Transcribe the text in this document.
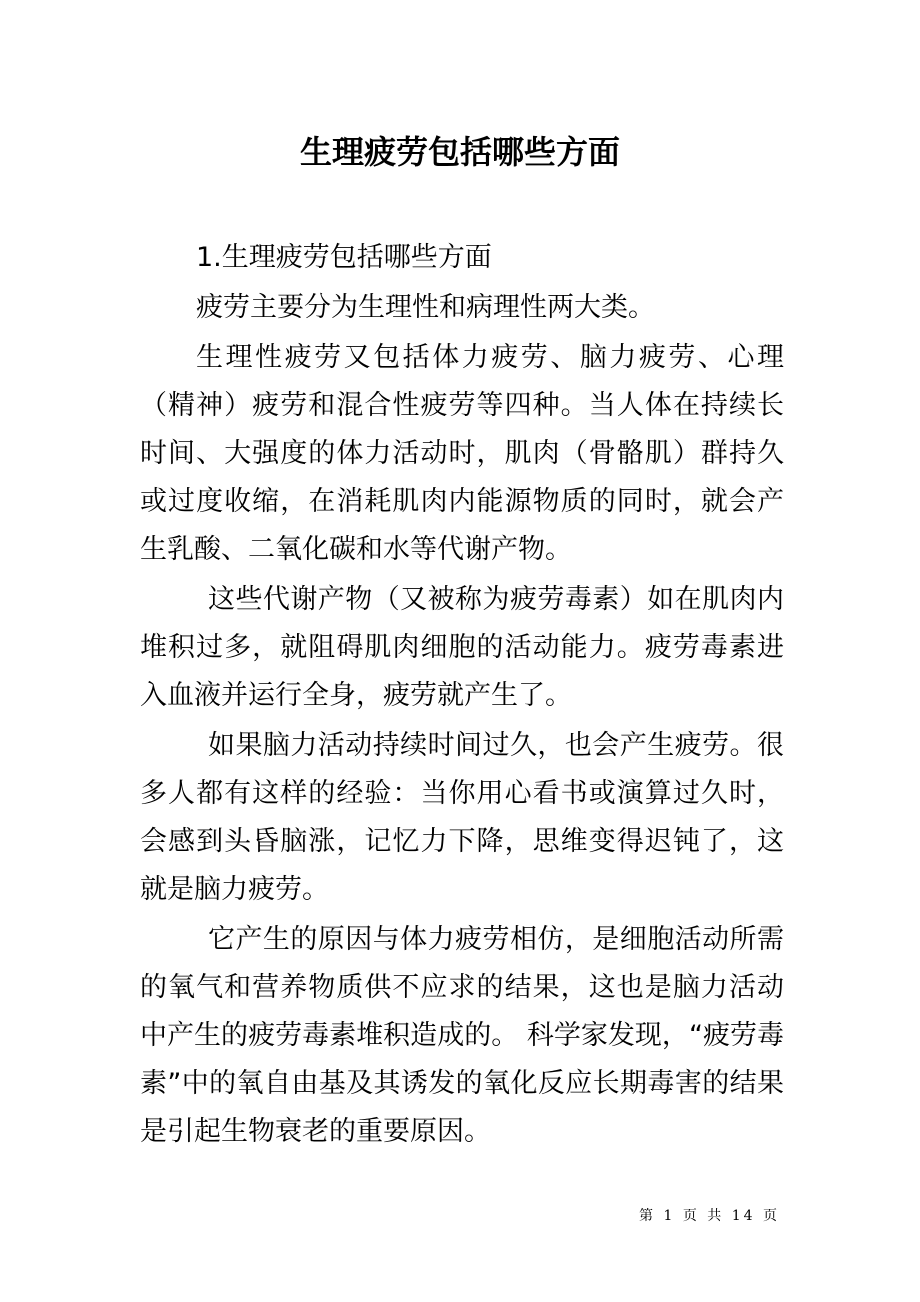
生理疲劳包括哪些方面

1.生理疲劳包括哪些方面

疲劳主要分为生理性和病理性两大类。

生理性疲劳又包括体力疲劳、脑力疲劳、心理（精神）疲劳和混合性疲劳等四种。当人体在持续长时间、大强度的体力活动时，肌肉（骨骼肌）群持久或过度收缩，在消耗肌肉内能源物质的同时，就会产生乳酸、二氧化碳和水等代谢产物。

这些代谢产物（又被称为疲劳毒素）如在肌肉内堆积过多，就阻碍肌肉细胞的活动能力。疲劳毒素进入血液并运行全身，疲劳就产生了。

如果脑力活动持续时间过久，也会产生疲劳。很多人都有这样的经验：当你用心看书或演算过久时，会感到头昏脑涨，记忆力下降，思维变得迟钝了，这就是脑力疲劳。

它产生的原因与体力疲劳相仿，是细胞活动所需的氧气和营养物质供不应求的结果，这也是脑力活动中产生的疲劳毒素堆积造成的。 科学家发现，“疲劳毒素”中的氧自由基及其诱发的氧化反应长期毒害的结果是引起生物衰老的重要原因。

第 1 页 共 14 页
